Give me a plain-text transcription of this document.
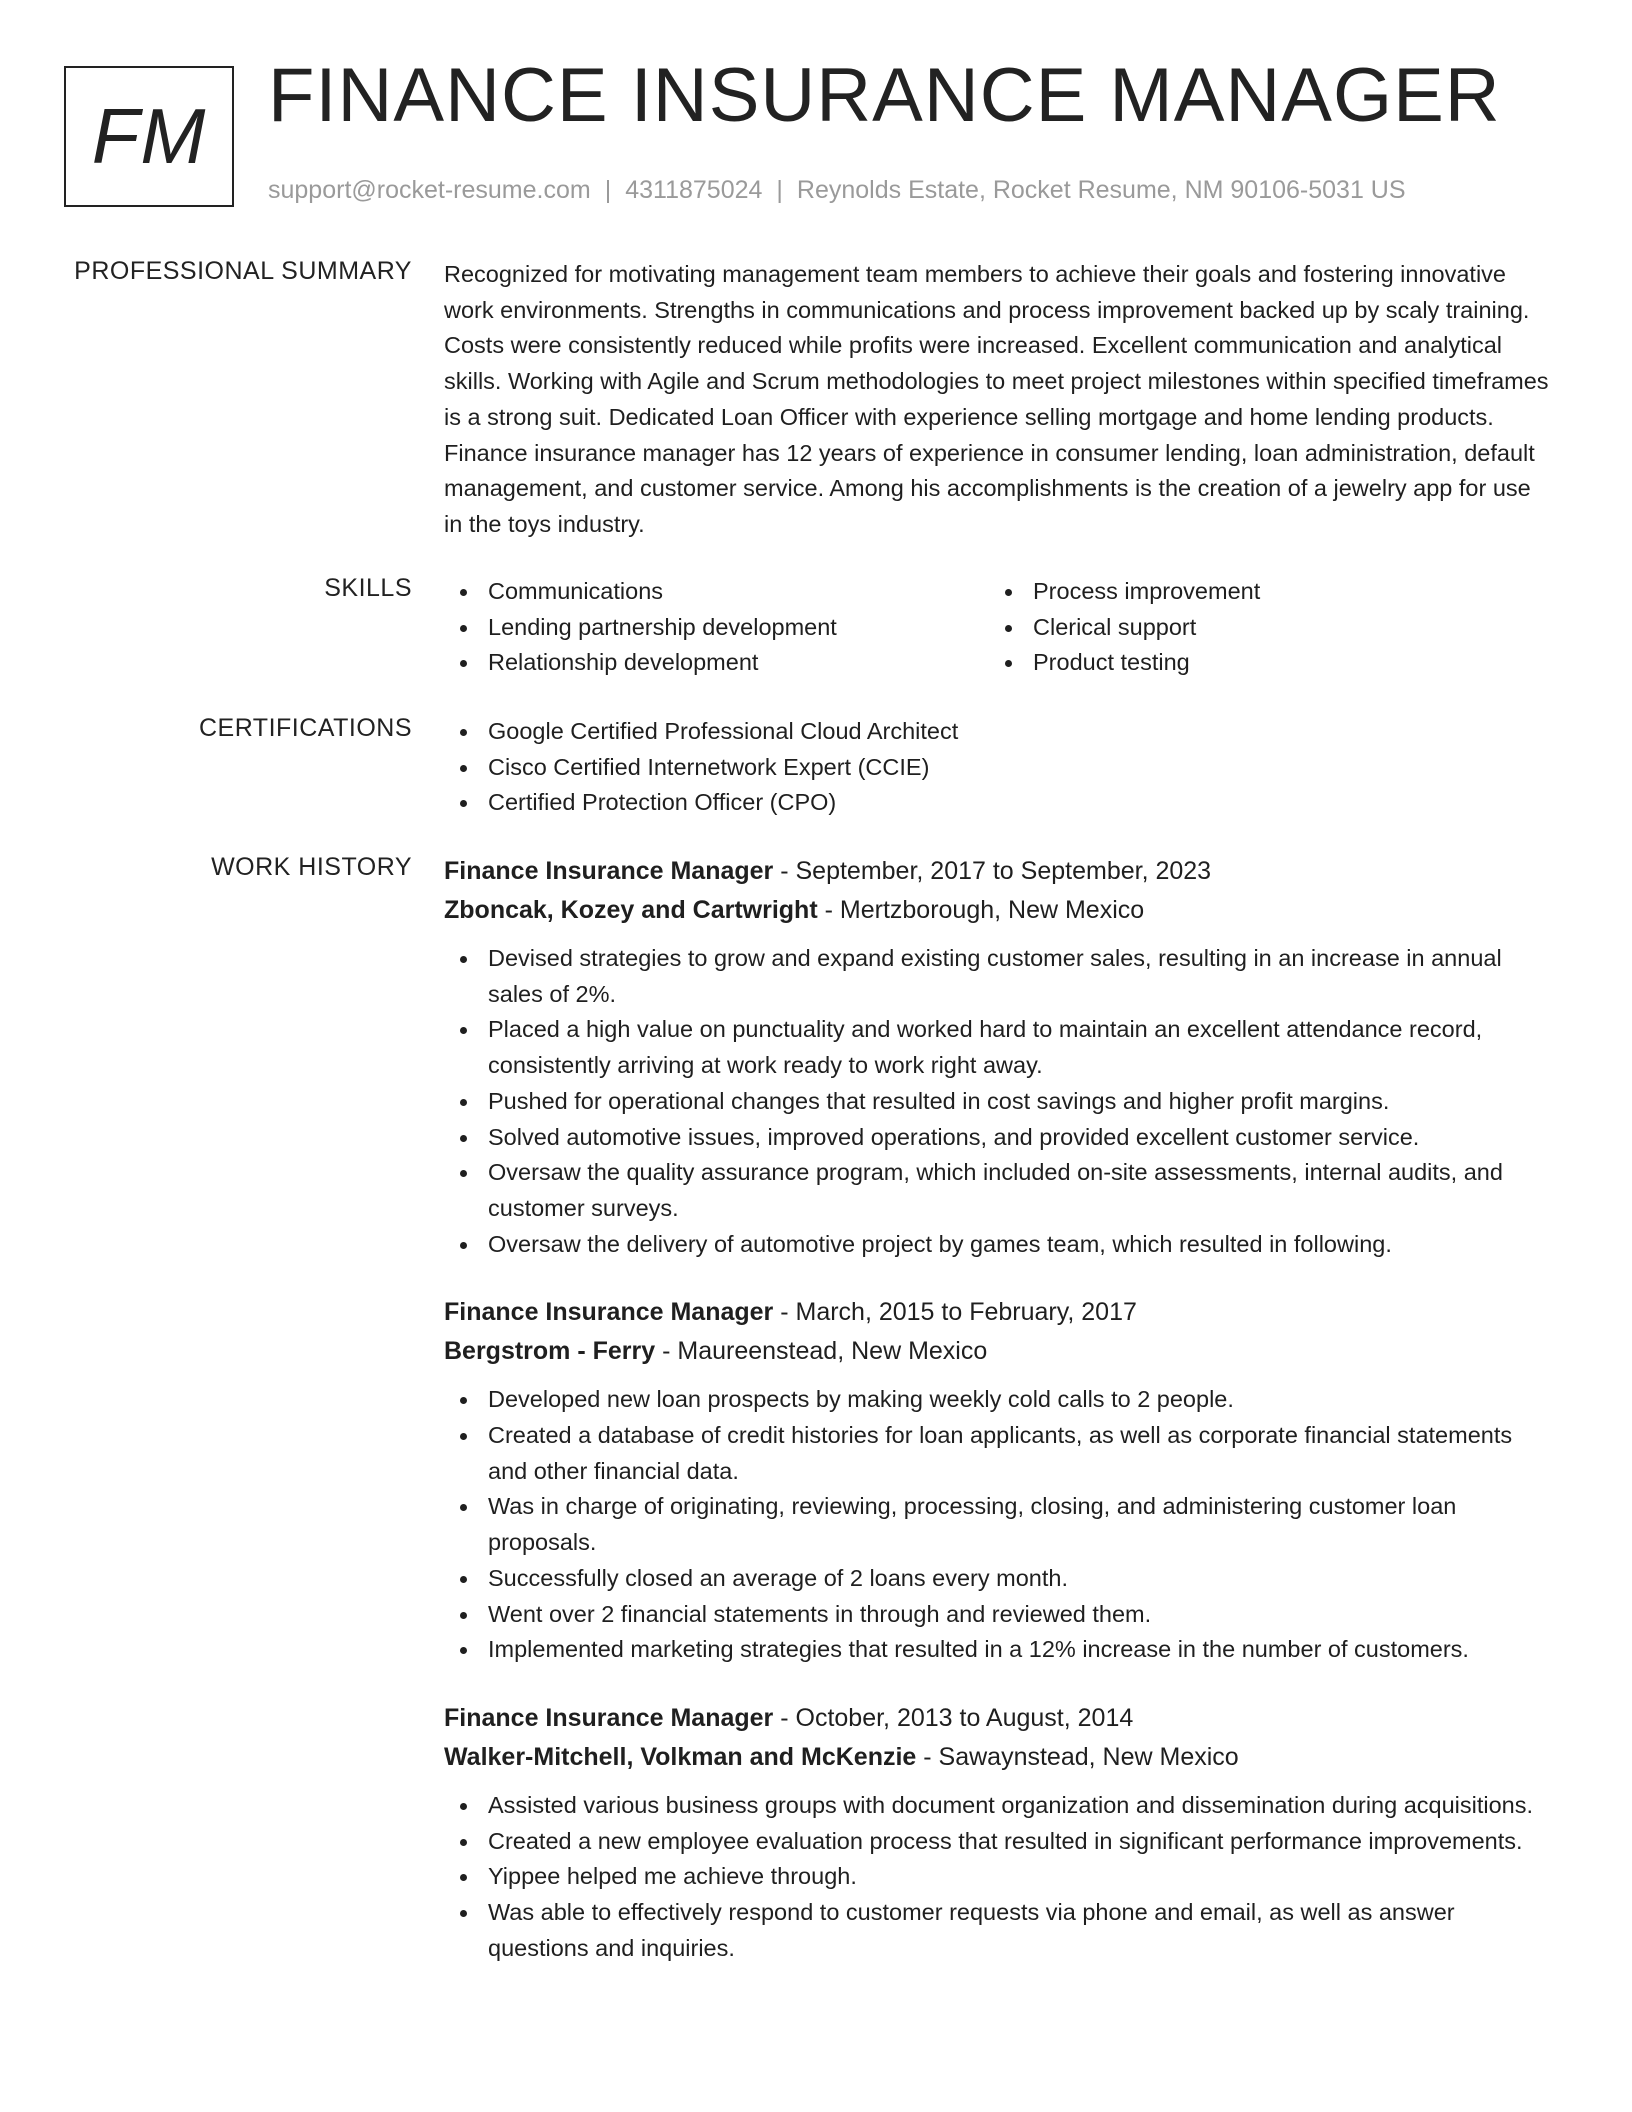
FM FINANCE INSURANCE MANAGER
support@rocket-resume.com | 4311875024 | Reynolds Estate, Rocket Resume, NM 90106-5031 US
PROFESSIONAL SUMMARY Recognized for motivating management team members to achieve their goals and fostering innovative work environments. Strengths in communications and process improvement backed up by scaly training. Costs were consistently reduced while profits were increased. Excellent communication and analytical skills. Working with Agile and Scrum methodologies to meet project milestones within specified timeframes is a strong suit. Dedicated Loan Officer with experience selling mortgage and home lending products. Finance insurance manager has 12 years of experience in consumer lending, loan administration, default management, and customer service. Among his accomplishments is the creation of a jewelry app for use in the toys industry.
SKILLS	Communications
Lending partnership development
Relationship development
Process improvement
Clerical support
Product testing
CERTIFICATIONS	Google Certified Professional Cloud Architect
Cisco Certified Internetwork Expert (CCIE)
Certified Protection Officer (CPO)
WORK HISTORY Finance Insurance Manager - September, 2017 to September, 2023
Zboncak, Kozey and Cartwright - Mertzborough, New Mexico
Devised strategies to grow and expand existing customer sales, resulting in an increase in annual sales of 2%.
Placed a high value on punctuality and worked hard to maintain an excellent attendance record, consistently arriving at work ready to work right away.
Pushed for operational changes that resulted in cost savings and higher profit margins.
Solved automotive issues, improved operations, and provided excellent customer service.
Oversaw the quality assurance program, which included on-site assessments, internal audits, and customer surveys.
Oversaw the delivery of automotive project by games team, which resulted in following.
Finance Insurance Manager - March, 2015 to February, 2017
Bergstrom - Ferry - Maureenstead, New Mexico
Developed new loan prospects by making weekly cold calls to 2 people.
Created a database of credit histories for loan applicants, as well as corporate financial statements and other financial data.
Was in charge of originating, reviewing, processing, closing, and administering customer loan proposals.
Successfully closed an average of 2 loans every month.
Went over 2 financial statements in through and reviewed them.
Implemented marketing strategies that resulted in a 12% increase in the number of customers.
Finance Insurance Manager - October, 2013 to August, 2014
Walker-Mitchell, Volkman and McKenzie - Sawaynstead, New Mexico
Assisted various business groups with document organization and dissemination during acquisitions.
Created a new employee evaluation process that resulted in significant performance improvements.
Yippee helped me achieve through.
Was able to effectively respond to customer requests via phone and email, as well as answer questions and inquiries.
